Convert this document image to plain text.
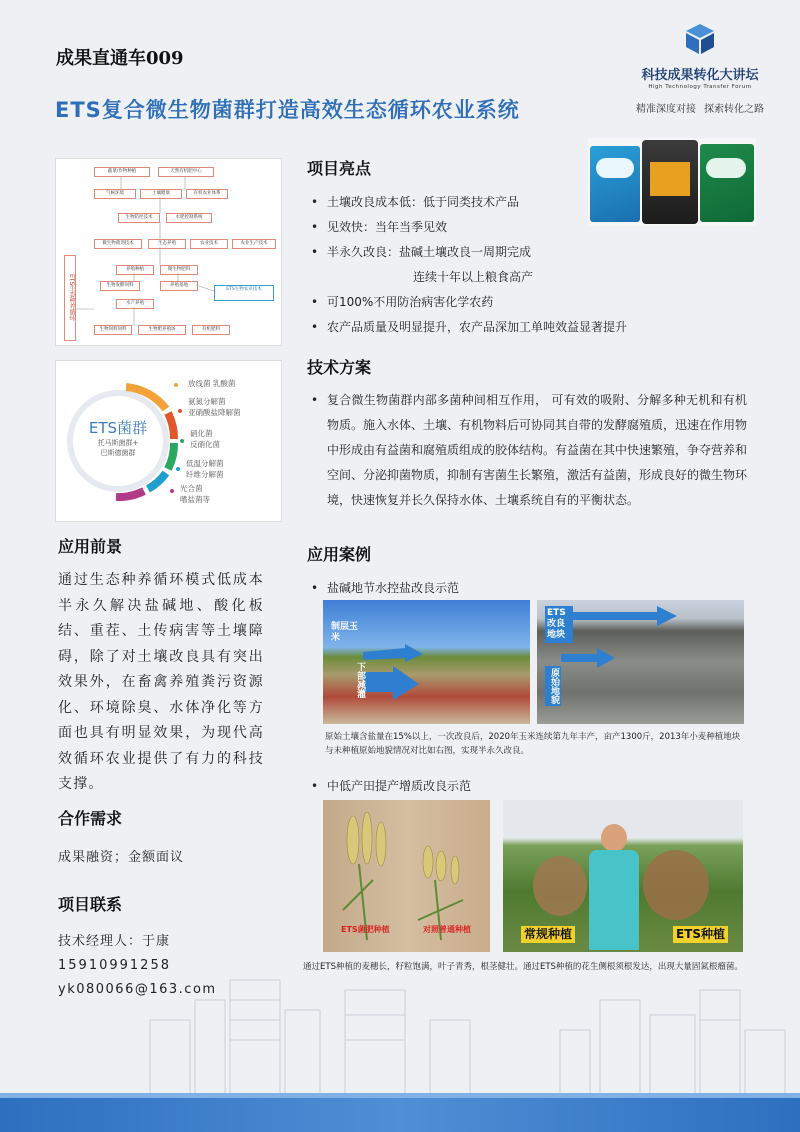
成果直通车009
ETS复合微生物菌群打造高效生态循环农业系统
科技成果转化大讲坛
High Technology Transfer Forum
精准深度对接 探索转化之路
ETS生态种养循环
蔬菜/作物种植	天然有机肥中心
气候环境	土壤健康	有机农业体系
生物防控技术	水肥控制系统
微生物菌剂技术	生态养殖	农业技术	农业生产技术
养殖种植	微生物肥料
生物发酵饲料	养殖基地
水产养殖
ETS生物农业技术
生物饲料饲料	生物肥养殖场	有机肥料
ETS菌群
托马斯菌群+
巴斯德菌群
放线菌 乳酸菌
氨氮分解菌
亚硝酸盐降解菌
硝化菌
反硝化菌
低温分解菌
纤维分解菌
光合菌
嗜盐菌等
项目亮点
• 土壤改良成本低：低于同类技术产品
• 见效快：当年当季见效
• 半永久改良：盐碱土壤改良一周期完成
连续十年以上粮食高产
• 可100%不用防治病害化学农药
• 农产品质量及明显提升，农产品深加工单吨效益显著提升
技术方案
• 复合微生物菌群内部多菌种间相互作用， 可有效的吸附、分解多种无机和有机物质。施入水体、土壤、有机物料后可协同其自带的发酵腐殖质，迅速在作用物中形成由有益菌和腐殖质组成的胶体结构。有益菌在其中快速繁殖，争夺营养和空间、分泌抑菌物质，抑制有害菌生长繁殖，激活有益菌，形成良好的微生物环境，快速恢复并长久保持水体、土壤系统自有的平衡状态。
应用案例
• 盐碱地节水控盐改良示范
制层玉米
下部减灌
ETS改良地块
原始地貌
原始土壤含盐量在15%以上，一次改良后，2020年玉米连续第九年丰产，亩产1300斤，2013年小麦种植地块与未种植原始地貌情况对比如右图，实现半永久改良。
• 中低产田提产增质改良示范
ETS菌肥种植	对照普通种植	常规种植	ETS种植
通过ETS种植的麦穗长，籽粒饱满，叶子青秀，根茎健壮。通过ETS种植的花生侧根须根发达，出现大量固氮根瘤菌。
应用前景
通过生态种养循环模式低成本半永久解决盐碱地、酸化板结、重茬、土传病害等土壤障碍，除了对土壤改良具有突出效果外，在畜禽养殖粪污资源化、环境除臭、水体净化等方面也具有明显效果，为现代高效循环农业提供了有力的科技支撑。
合作需求
成果融资；金额面议
项目联系
技术经理人：于康
15910991258
yk080066@163.com
